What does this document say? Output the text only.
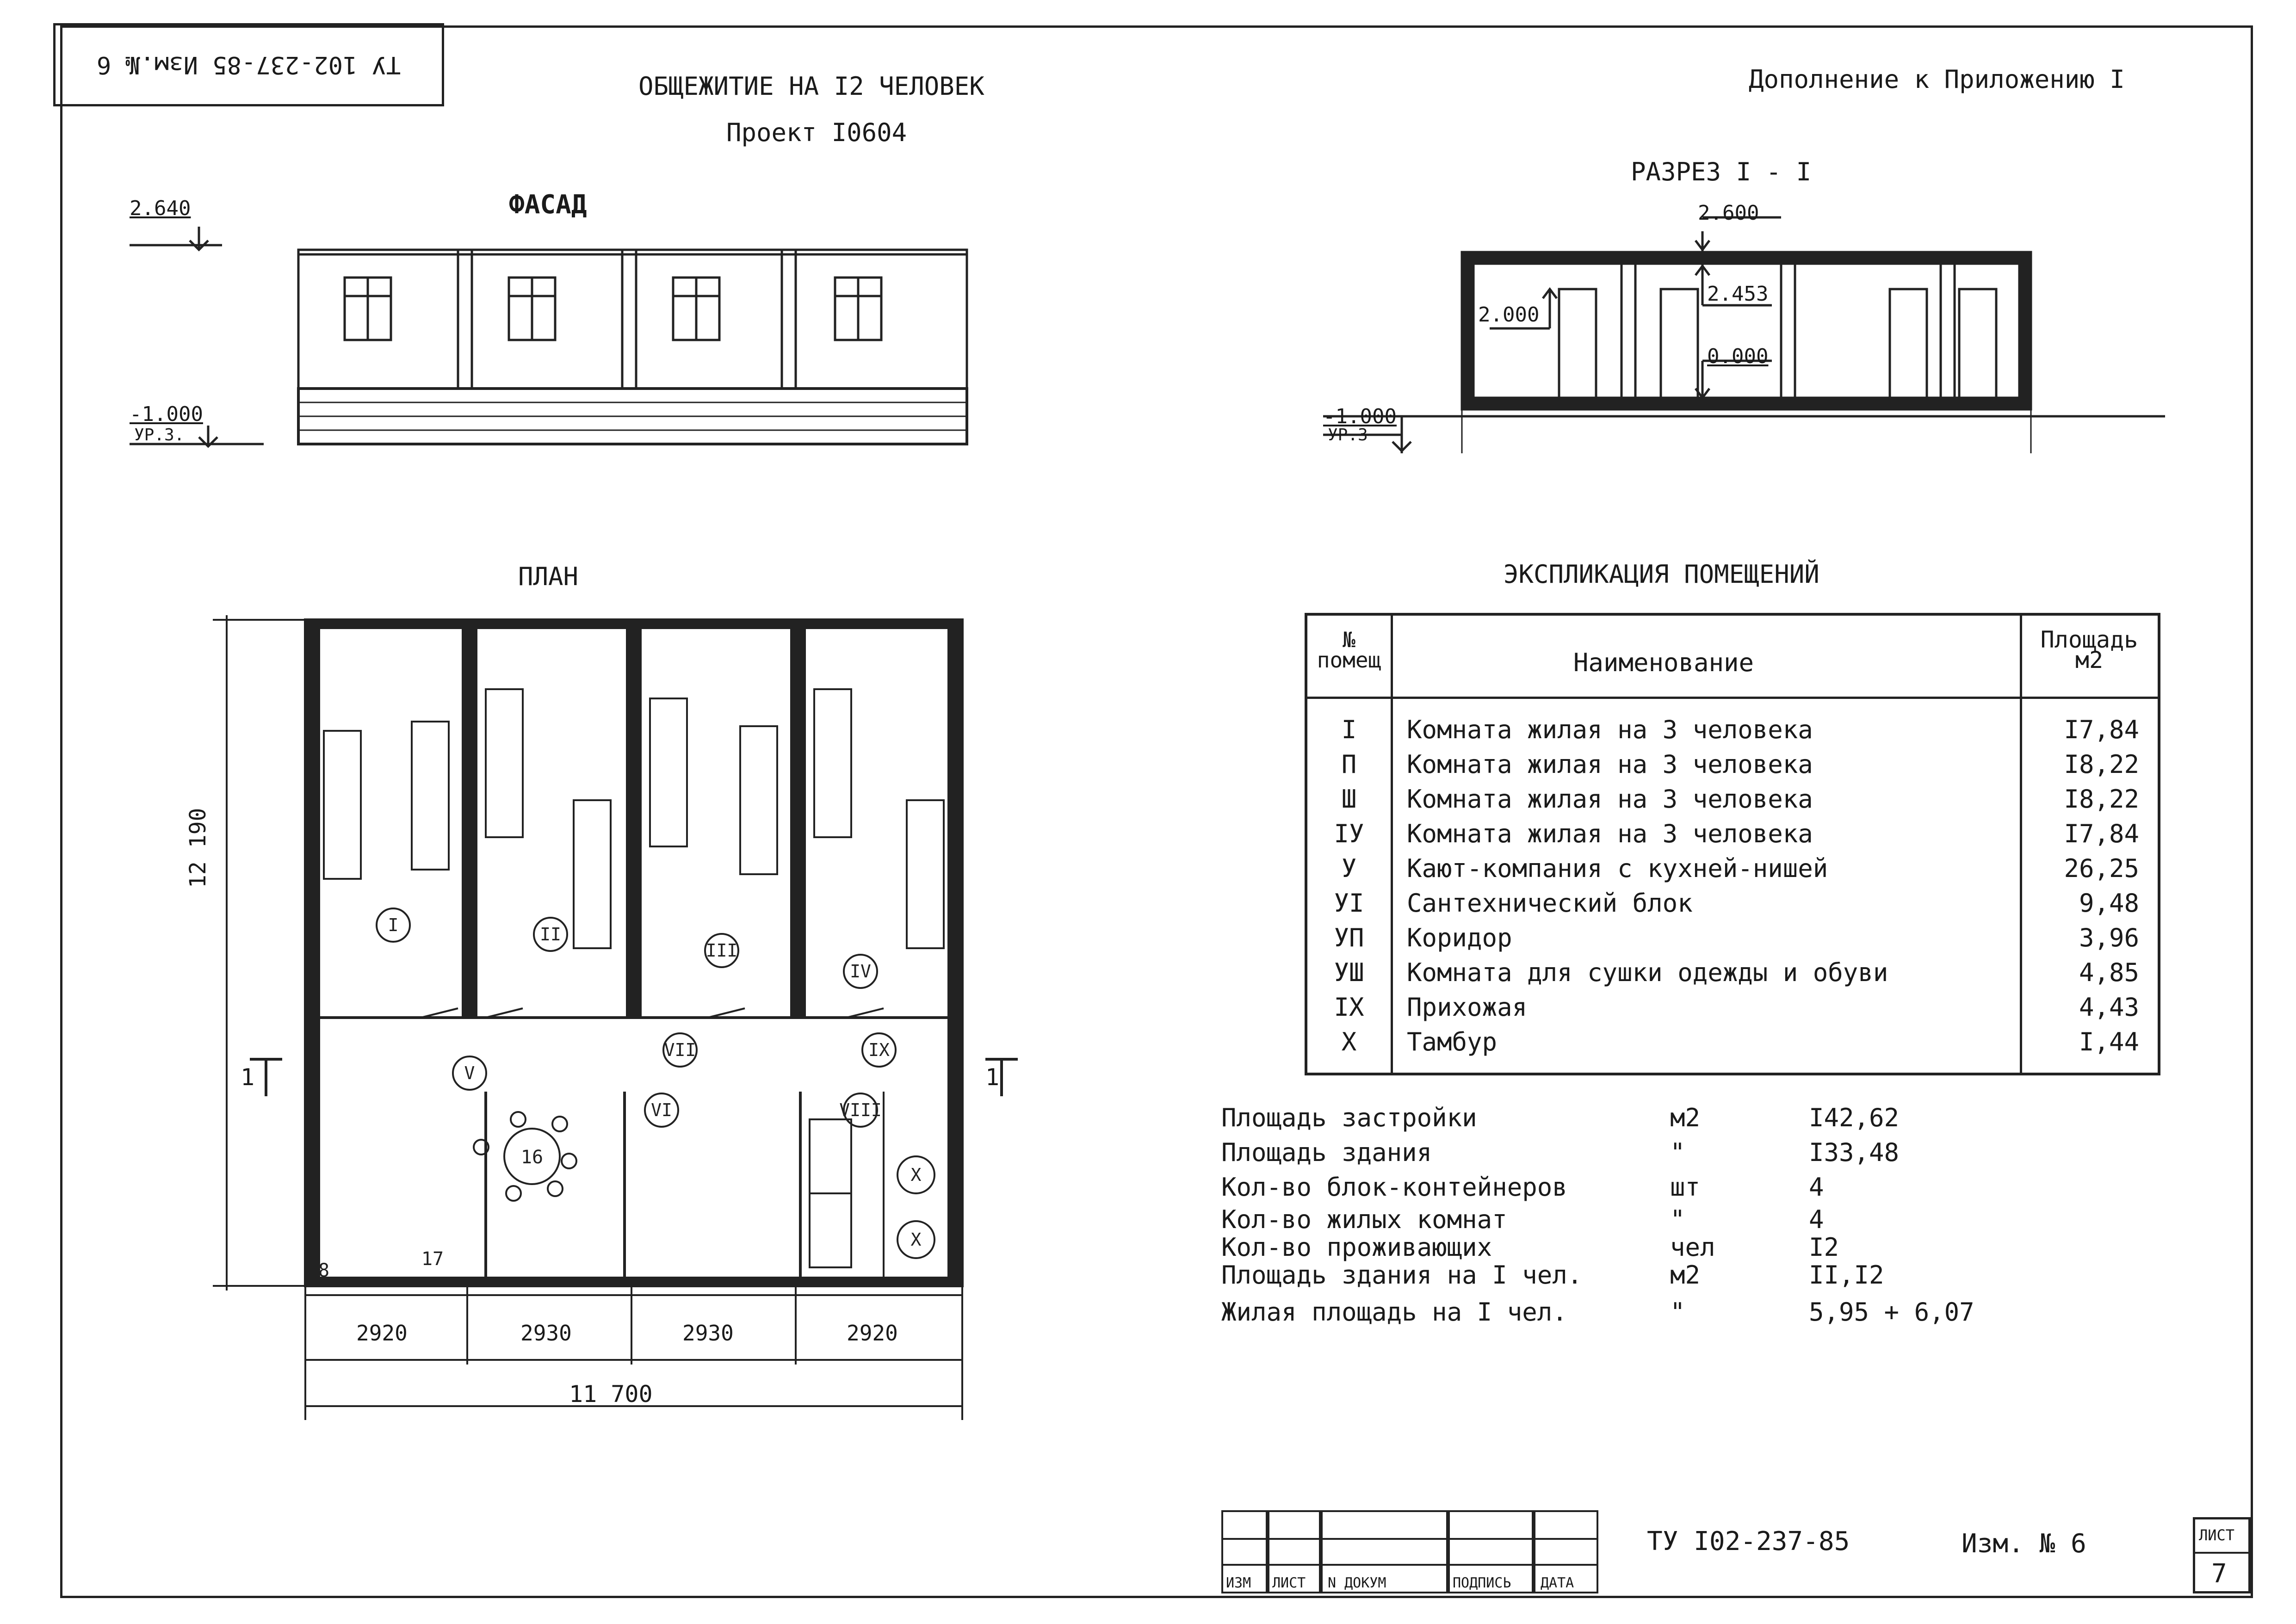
ТУ 102-237-85 Изм.№ 6
ОБЩЕЖИТИЕ НА I2 ЧЕЛОВЕК
Проект I0604
Дополнение к Приложению I
ФАСАД
2.640
-1.000
УР.З.
РАЗРЕЗ I - I
2.600
2.453
2.000
0.000
-1.000
УР.З
ПЛАН
I	II
III
IV
V
VI
VII
VIII
IX
X
X
16
8
17
12 190
2920	2930	2930	2920
11 700
1	1
ЭКСПЛИКАЦИЯ ПОМЕЩЕНИЙ
№ помещ	Наименование
Площадь м2
I	Комната жилая на 3 человека	I7,84
П	Комната жилая на 3 человека	I8,22
Ш	Комната жилая на 3 человека	I8,22
IУ	Комната жилая на 3 человека	I7,84
У	Кают-компания с кухней-нишей	26,25
УI	Сантехнический блок	9,48
УП	Коридор	3,96
УШ	Комната для сушки одежды и обуви	4,85
IX	Прихожая	4,43
X	Тамбур	I,44
Площадь застройки	м2	I42,62
Площадь здания	"	I33,48
Кол-во блок-контейнеров	шт	4
Кол-во жилых комнат	"	4
Кол-во проживающих	чел	I2
Площадь здания на I чел.	м2	II,I2
Жилая площадь на I чел.	"	5,95 + 6,07
ИЗМ ЛИСТ N ДОКУМ	ПОДПИСЬ ДАТА
ТУ I02-237-85	Изм. № 6	ЛИСТ
7
